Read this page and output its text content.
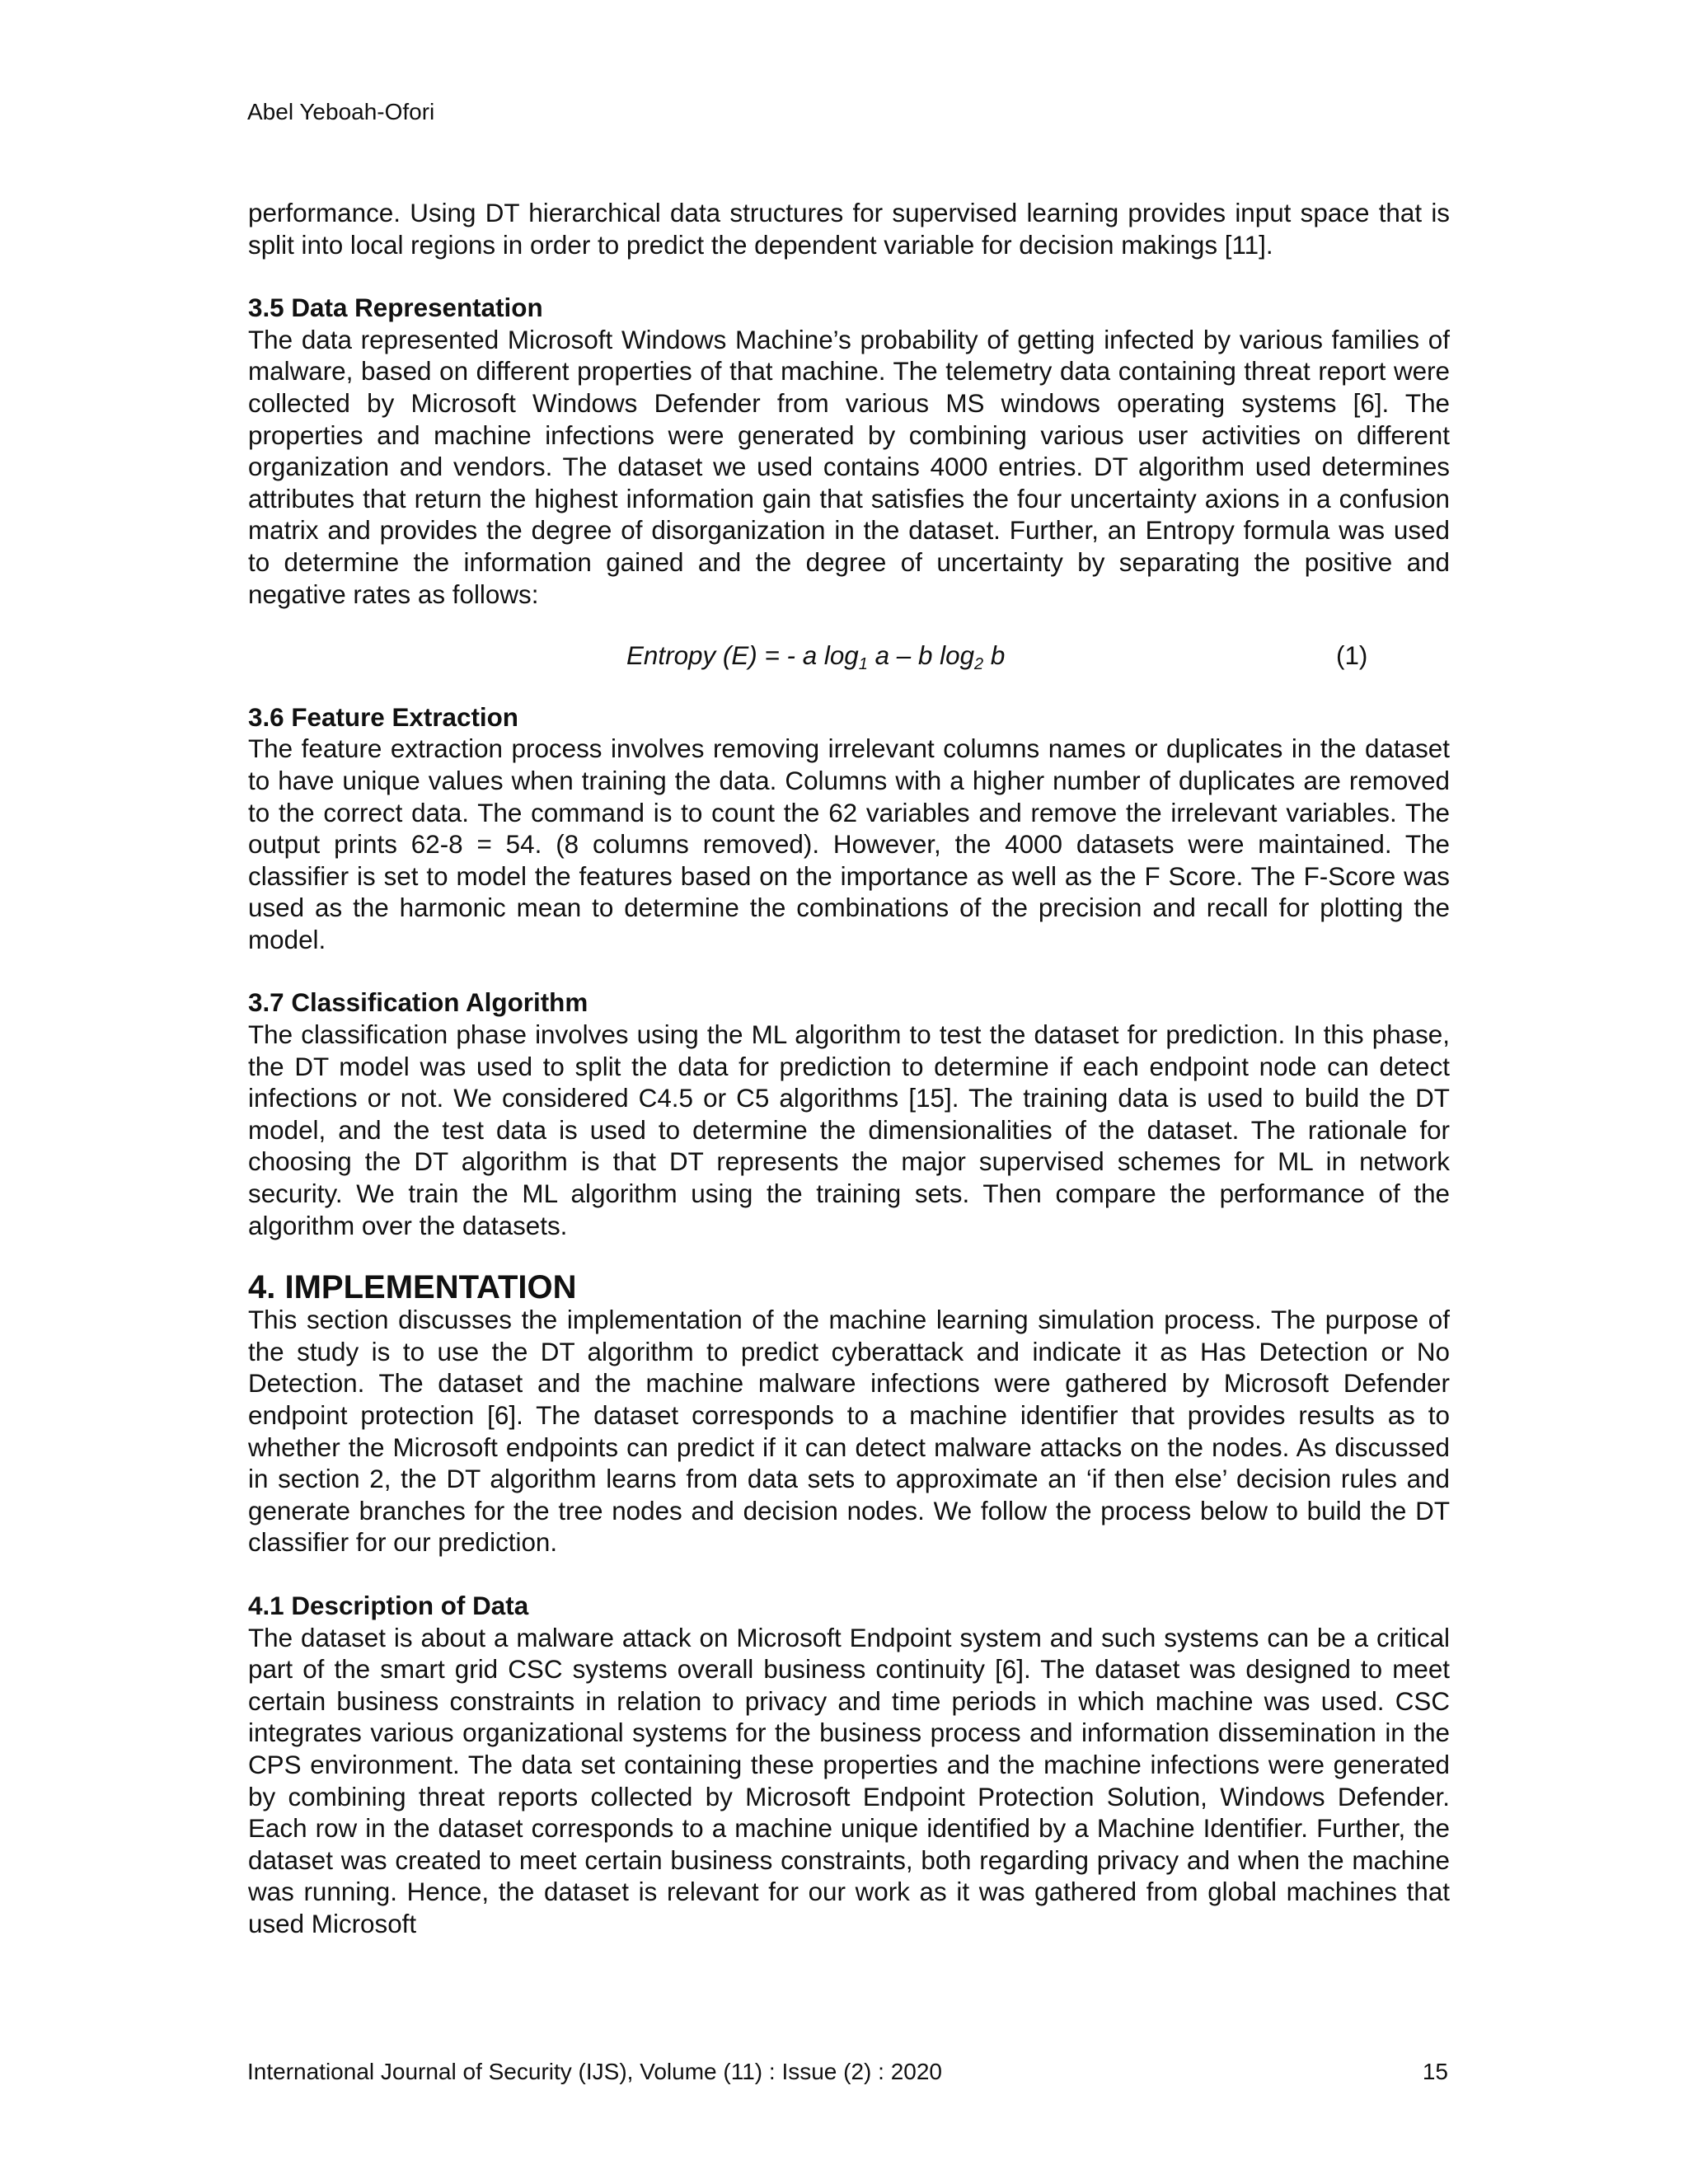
Abel Yeboah-Ofori

performance. Using DT hierarchical data structures for supervised learning provides input space that is split into local regions in order to predict the dependent variable for decision makings [11].

3.5 Data Representation

The data represented Microsoft Windows Machine’s probability of getting infected by various families of malware, based on different properties of that machine. The telemetry data containing threat report were collected by Microsoft Windows Defender from various MS windows operating systems [6]. The properties and machine infections were generated by combining various user activities on different organization and vendors. The dataset we used contains 4000 entries. DT algorithm used determines attributes that return the highest information gain that satisfies the four uncertainty axions in a confusion matrix and provides the degree of disorganization in the dataset. Further, an Entropy formula was used to determine the information gained and the degree of uncertainty by separating the positive and negative rates as follows:

Entropy (E) = - a $\log_1 a$ – b $\log_2 b$	(1)
3.6 Feature Extraction

The feature extraction process involves removing irrelevant columns names or duplicates in the dataset to have unique values when training the data. Columns with a higher number of duplicates are removed to the correct data. The command is to count the 62 variables and remove the irrelevant variables. The output prints 62-8 = 54. (8 columns removed). However, the 4000 datasets were maintained. The classifier is set to model the features based on the importance as well as the F Score. The F-Score was used as the harmonic mean to determine the combinations of the precision and recall for plotting the model.

3.7 Classification Algorithm

The classification phase involves using the ML algorithm to test the dataset for prediction. In this phase, the DT model was used to split the data for prediction to determine if each endpoint node can detect infections or not. We considered C4.5 or C5 algorithms [15]. The training data is used to build the DT model, and the test data is used to determine the dimensionalities of the dataset. The rationale for choosing the DT algorithm is that DT represents the major supervised schemes for ML in network security. We train the ML algorithm using the training sets. Then compare the performance of the algorithm over the datasets.

4. IMPLEMENTATION

This section discusses the implementation of the machine learning simulation process. The purpose of the study is to use the DT algorithm to predict cyberattack and indicate it as Has Detection or No Detection. The dataset and the machine malware infections were gathered by Microsoft Defender endpoint protection [6]. The dataset corresponds to a machine identifier that provides results as to whether the Microsoft endpoints can predict if it can detect malware attacks on the nodes. As discussed in section 2, the DT algorithm learns from data sets to approximate an ‘if then else’ decision rules and generate branches for the tree nodes and decision nodes. We follow the process below to build the DT classifier for our prediction.

4.1 Description of Data

The dataset is about a malware attack on Microsoft Endpoint system and such systems can be a critical part of the smart grid CSC systems overall business continuity [6]. The dataset was designed to meet certain business constraints in relation to privacy and time periods in which machine was used. CSC integrates various organizational systems for the business process and information dissemination in the CPS environment. The data set containing these properties and the machine infections were generated by combining threat reports collected by Microsoft Endpoint Protection Solution, Windows Defender. Each row in the dataset corresponds to a machine unique identified by a Machine Identifier. Further, the dataset was created to meet certain business constraints, both regarding privacy and when the machine was running. Hence, the dataset is relevant for our work as it was gathered from global machines that used Microsoft

International Journal of Security (IJS), Volume (11) : Issue (2) : 2020	15
